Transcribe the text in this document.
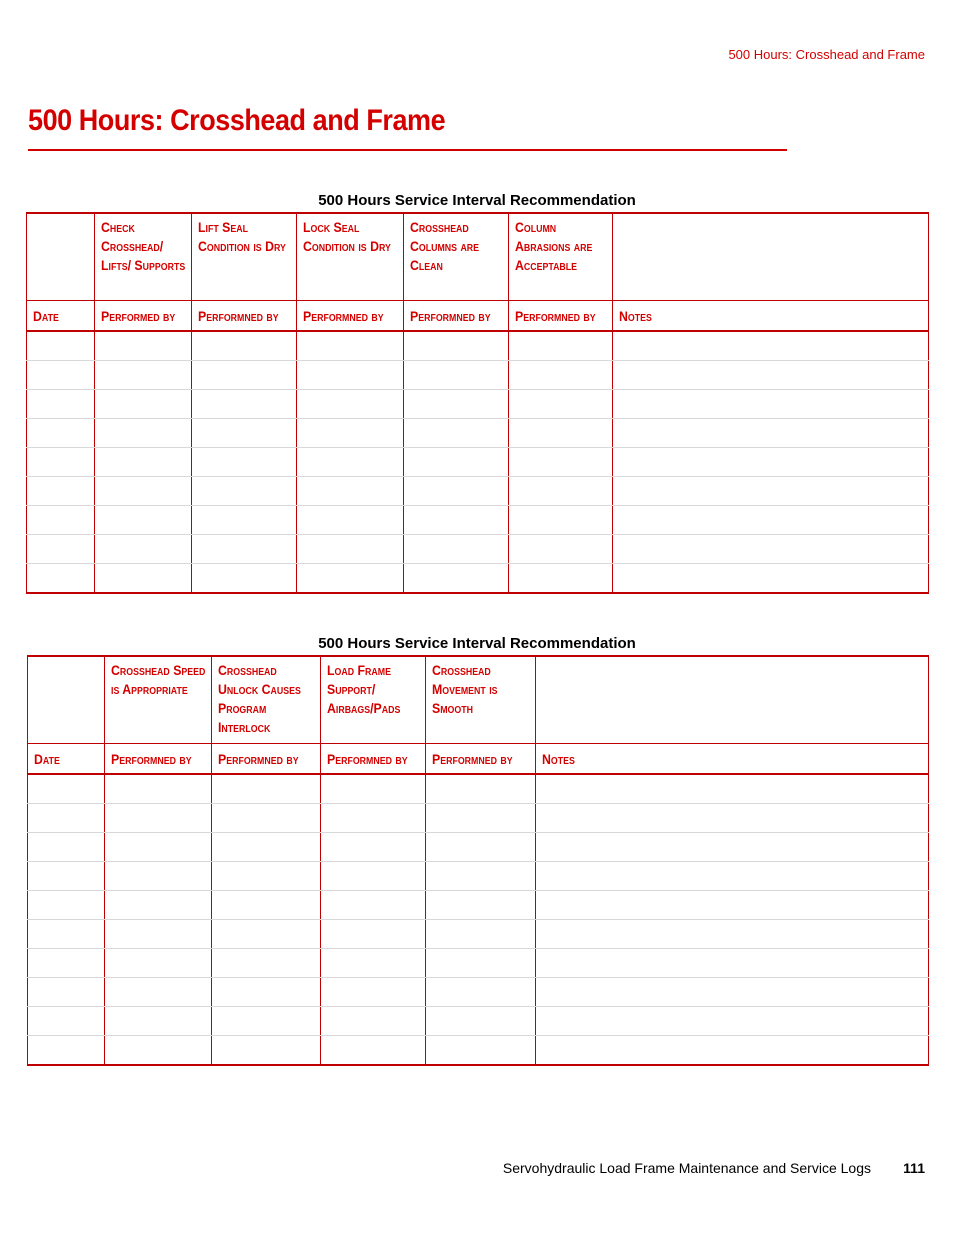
500 Hours: Crosshead and Frame
500 Hours: Crosshead and Frame
500 Hours Service Interval Recommendation

	Check Crosshead/ Lifts/ Supports	Lift Seal Condition is Dry	Lock Seal Condition is Dry	Crosshead Columns are Clean	Column Abrasions are Acceptable	

Date	Performed by	Performned by	Performned by	Performned by	Performned by	Notes

500 Hours Service Interval Recommendation

	Crosshead Speed is Appropriate	Crosshead Unlock Causes Program Interlock	Load Frame Support/ Airbags/Pads	Crosshead Movement is Smooth	

Date	Performned by	Performned by	Performned by	Performned by	Notes

Servohydraulic Load Frame Maintenance and Service Logs 111
